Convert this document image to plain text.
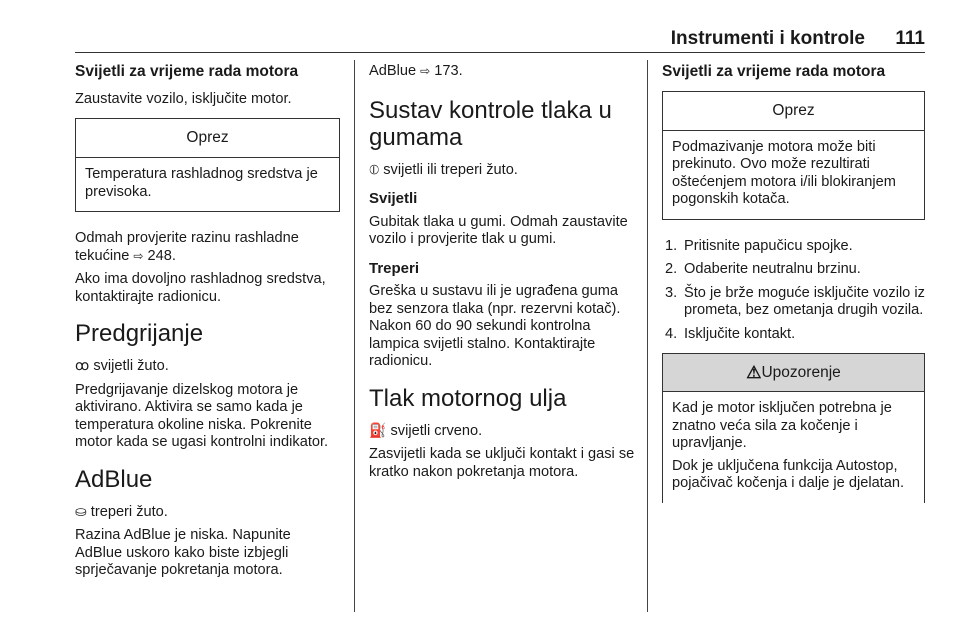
Instrumenti i kontrole 111
Svijetli za vrijeme rada motora

Zaustavite vozilo, isključite motor.

Oprez

Temperatura rashladnog sredstva je previsoka.

Odmah provjerite razinu rashladne tekućine ⇨ 248.

Ako ima dovoljno rashladnog sredstva, kontaktirajte radionicu.

Predgrijanje

ꝏ svijetli žuto.

Predgrijavanje dizelskog motora je aktivirano. Aktivira se samo kada je temperatura okoline niska. Pokrenite motor kada se ugasi kontrolni indikator.

AdBlue

⛀ treperi žuto.

Razina AdBlue je niska. Napunite AdBlue uskoro kako biste izbjegli sprječavanje pokretanja motora.

AdBlue ⇨ 173.

Sustav kontrole tlaka u gumama

⦶ svijetli ili treperi žuto.

Svijetli

Gubitak tlaka u gumi. Odmah zaustavite vozilo i provjerite tlak u gumi.

Treperi

Greška u sustavu ili je ugrađena guma bez senzora tlaka (npr. rezervni kotač). Nakon 60 do 90 sekundi kontrolna lampica svijetli stalno. Kontaktirajte radionicu.

Tlak motornog ulja

⛽ svijetli crveno.

Zasvijetli kada se uključi kontakt i gasi se kratko nakon pokretanja motora.

Svijetli za vrijeme rada motora
Oprez

Podmazivanje motora može biti prekinuto. Ovo može rezultirati oštećenjem motora i/ili blokiranjem pogonskih kotača.

1. Pritisnite papučicu spojke.
2. Odaberite neutralnu brzinu.
3. Što je brže moguće isključite vozilo iz prometa, bez ometanja drugih vozila.
4. Isključite kontakt.
⚠Upozorenje

Kad je motor isključen potrebna je znatno veća sila za kočenje i upravljanje.

Dok je uključena funkcija Autostop, pojačivač kočenja i dalje je djelatan.
